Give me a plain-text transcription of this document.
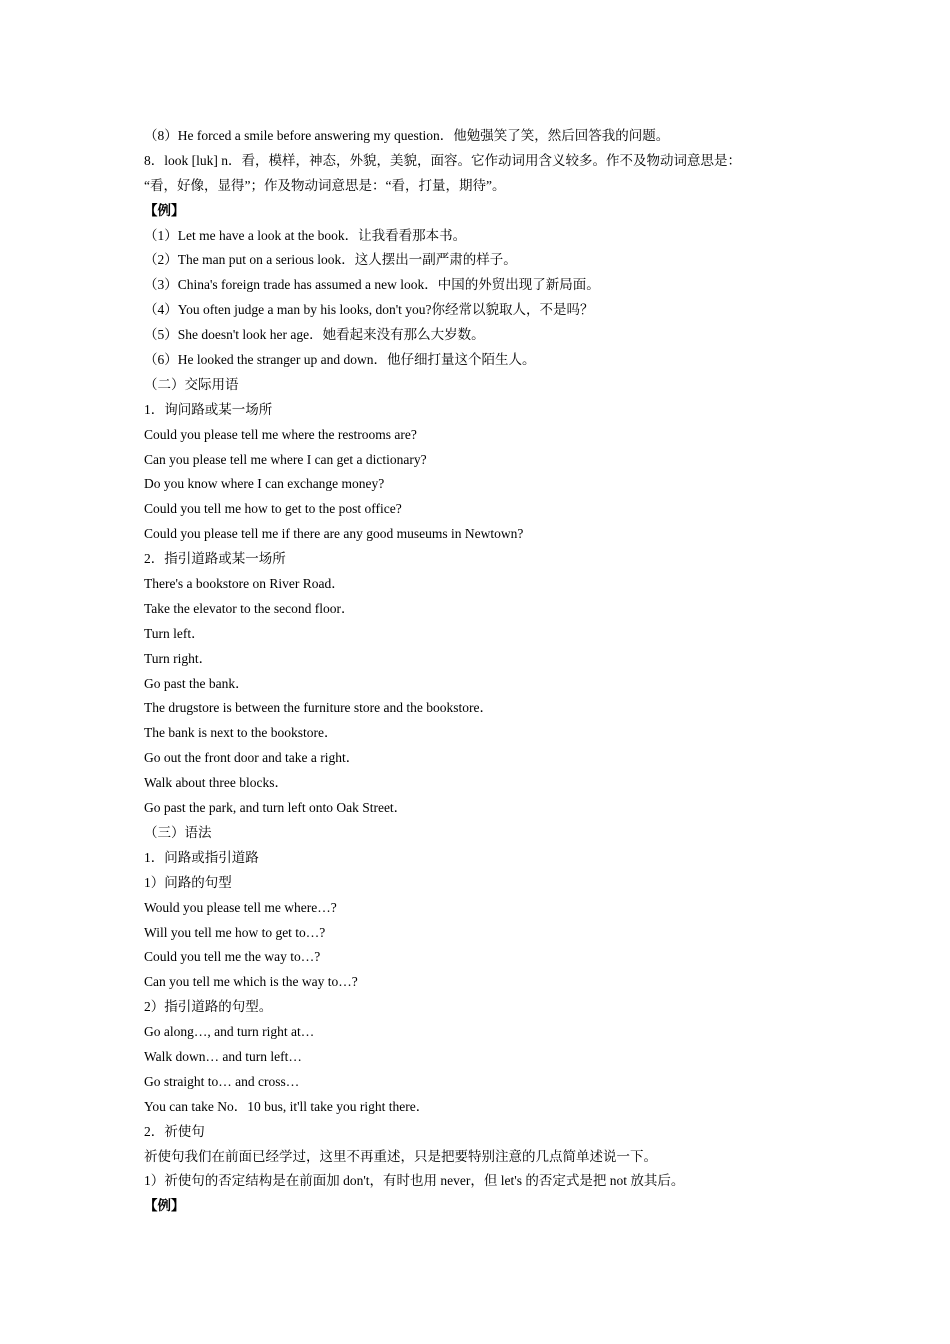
（8）He forced a smile before answering my question．他勉强笑了笑，然后回答我的问题。
8．look [luk] n．看，模样，神态，外貌，美貌，面容。它作动词用含义较多。作不及物动词意思是：
“看，好像，显得”；作及物动词意思是：“看，打量，期待”。
【例】
（1）Let me have a look at the book．让我看看那本书。
（2）The man put on a serious look．这人摆出一副严肃的样子。
（3）China's foreign trade has assumed a new look．中国的外贸出现了新局面。
（4）You often judge a man by his looks, don't you?你经常以貌取人，不是吗？
（5）She doesn't look her age．她看起来没有那么大岁数。
（6）He looked the stranger up and down．他仔细打量这个陌生人。
（二）交际用语
1．询问路或某一场所
Could you please tell me where the restrooms are?
Can you please tell me where I can get a dictionary?
Do you know where I can exchange money?
Could you tell me how to get to the post office?
Could you please tell me if there are any good museums in Newtown?
2．指引道路或某一场所
There's a bookstore on River Road．
Take the elevator to the second floor．
Turn left．
Turn right．
Go past the bank．
The drugstore is between the furniture store and the bookstore．
The bank is next to the bookstore．
Go out the front door and take a right．
Walk about three blocks．
Go past the park, and turn left onto Oak Street．
（三）语法
1．问路或指引道路
1）问路的句型
Would you please tell me where…?
Will you tell me how to get to…?
Could you tell me the way to…?
Can you tell me which is the way to…?
2）指引道路的句型。
Go along…, and turn right at…
Walk down… and turn left…
Go straight to… and cross…
You can take No．10 bus, it'll take you right there．
2．祈使句
祈使句我们在前面已经学过，这里不再重述，只是把要特别注意的几点简单述说一下。
1）祈使句的否定结构是在前面加 don't，有时也用 never，但 let's 的否定式是把 not 放其后。
【例】
